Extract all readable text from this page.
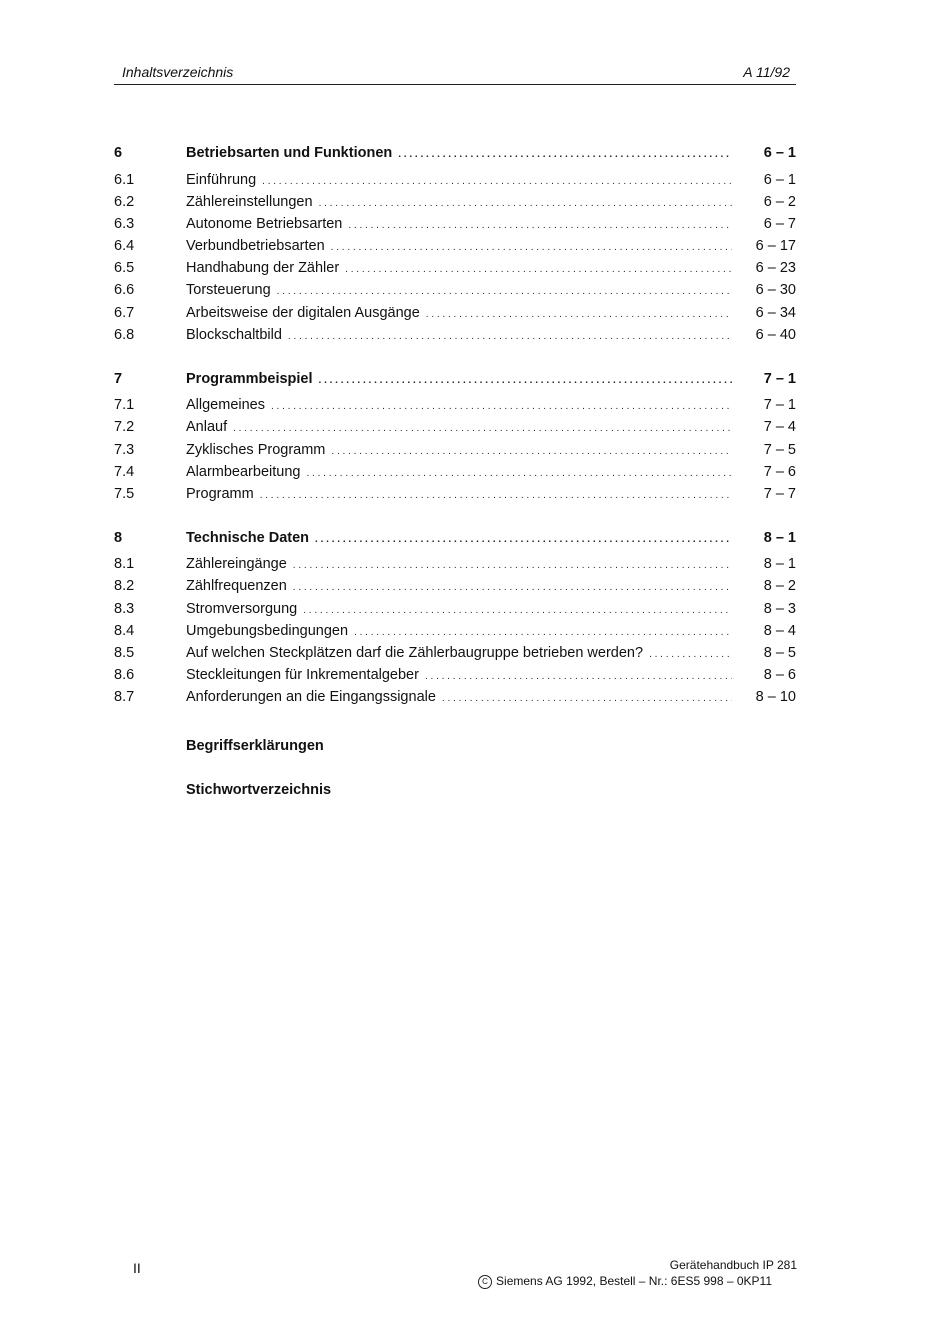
Inhaltsverzeichnis	A 11/92
6	Betriebsarten und Funktionen . . .	6 – 1
6.1	Einführung . . .	6 – 1
6.2	Zählereinstellungen . . .	6 – 2
6.3	Autonome Betriebsarten . . .	6 – 7
6.4	Verbundbetriebsarten . . .	6 – 17
6.5	Handhabung der Zähler . . .	6 – 23
6.6	Torsteuerung . . .	6 – 30
6.7	Arbeitsweise der digitalen Ausgänge . . .	6 – 34
6.8	Blockschaltbild . . .	6 – 40
7	Programmbeispiel . . .	7 – 1
7.1	Allgemeines . . .	7 – 1
7.2	Anlauf . . .	7 – 4
7.3	Zyklisches Programm . . .	7 – 5
7.4	Alarmbearbeitung . . .	7 – 6
7.5	Programm . . .	7 – 7
8	Technische Daten . . .	8 – 1
8.1	Zählereingänge . . .	8 – 1
8.2	Zählfrequenzen . . .	8 – 2
8.3	Stromversorgung . . .	8 – 3
8.4	Umgebungsbedingungen . . .	8 – 4
8.5	Auf welchen Steckplätzen darf die Zählerbaugruppe betrieben werden? . . .	8 – 5
8.6	Steckleitungen für Inkrementalgeber . . .	8 – 6
8.7	Anforderungen an die Eingangssignale . . .	8 – 10
Begriffserklärungen
Stichwortverzeichnis
II	Gerätehandbuch IP 281
C Siemens AG 1992, Bestell – Nr.: 6ES5 998 – 0KP11
